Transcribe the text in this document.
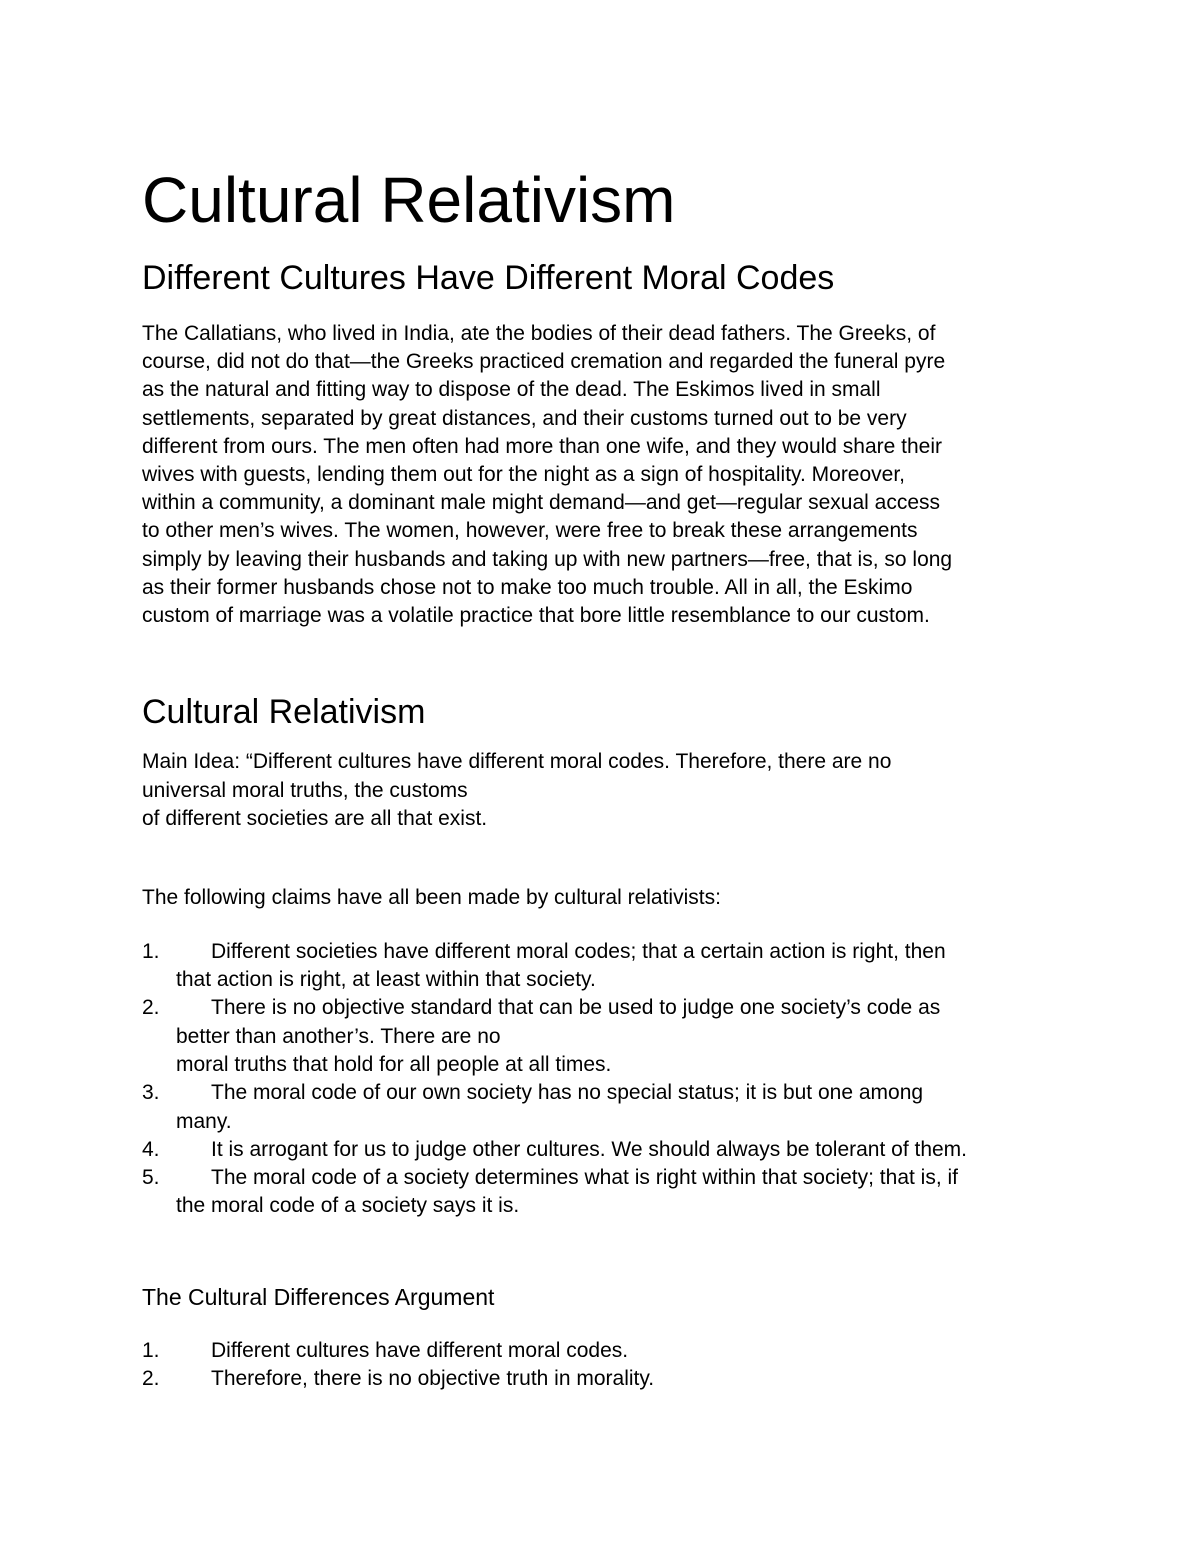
Cultural Relativism
Different Cultures Have Different Moral Codes

The Callatians, who lived in India, ate the bodies of their dead fathers. The Greeks, of
course, did not do that—the Greeks practiced cremation and regarded the funeral pyre
as the natural and fitting way to dispose of the dead. The Eskimos lived in small
settlements, separated by great distances, and their customs turned out to be very
different from ours. The men often had more than one wife, and they would share their
wives with guests, lending them out for the night as a sign of hospitality. Moreover,
within a community, a dominant male might demand—and get—regular sexual access
to other men’s wives. The women, however, were free to break these arrangements
simply by leaving their husbands and taking up with new partners—free, that is, so long
as their former husbands chose not to make too much trouble. All in all, the Eskimo
custom of marriage was a volatile practice that bore little resemblance to our custom.

Cultural Relativism

Main Idea: “Different cultures have different moral codes. Therefore, there are no
universal moral truths, the customs
of different societies are all that exist.

The following claims have all been made by cultural relativists:

1.	Different societies have different moral codes; that a certain action is right, then
that action is right, at least within that society.
2.	There is no objective standard that can be used to judge one society’s code as
better than another’s. There are no
moral truths that hold for all people at all times.
3.	The moral code of our own society has no special status; it is but one among
many.
4.	It is arrogant for us to judge other cultures. We should always be tolerant of them.
5.	The moral code of a society determines what is right within that society; that is, if
the moral code of a society says it is.
The Cultural Differences Argument
1.	Different cultures have different moral codes.
2.	Therefore, there is no objective truth in morality.
